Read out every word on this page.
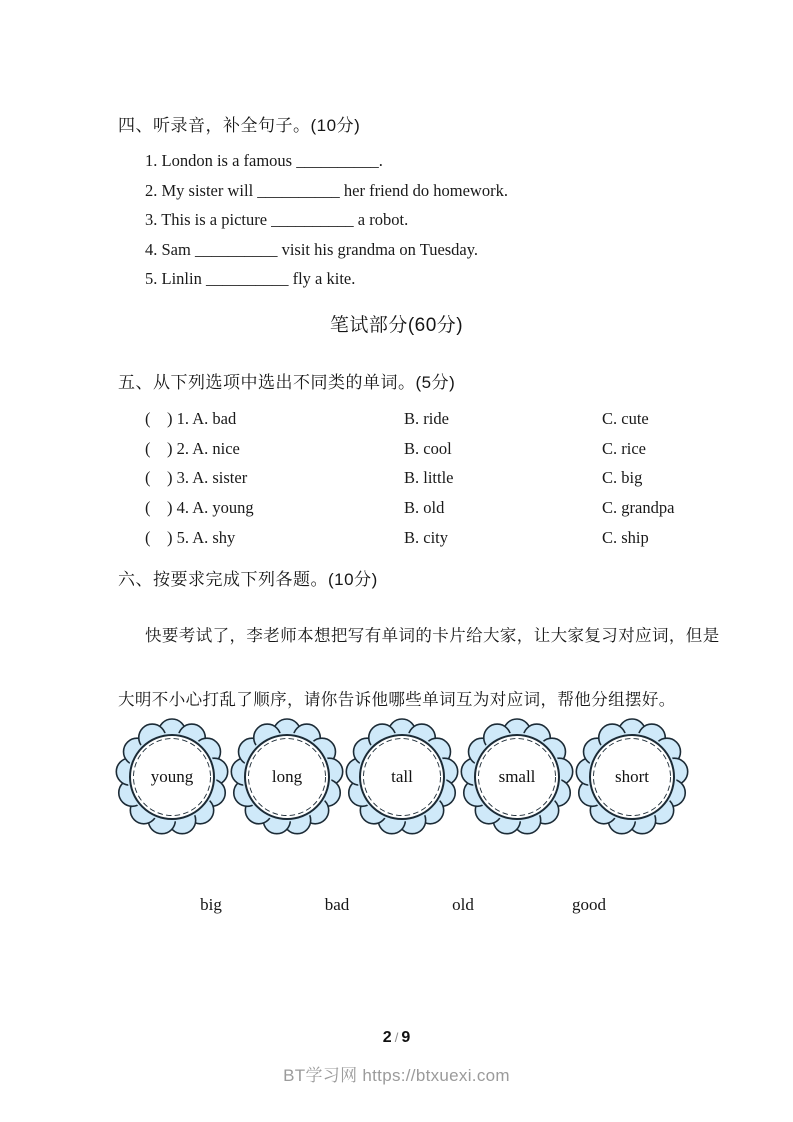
四、听录音，补全句子。(10分)
1. London is a famous __________.
2. My sister will __________ her friend do homework.
3. This is a picture __________ a robot.
4. Sam __________ visit his grandma on Tuesday.
5. Linlin __________ fly a kite.
笔试部分(60分)
五、从下列选项中选出不同类的单词。(5分)
(　) 1. A. bad	B. ride	C. cute
(　) 2. A. nice	B. cool	C. rice
(　) 3. A. sister	B. little	C. big
(　) 4. A. young	B. old	C. grandpa
(　) 5. A. shy	B. city	C. ship
六、按要求完成下列各题。(10分)
快要考试了，李老师本想把写有单词的卡片给大家，让大家复习对应词，但是
大明不小心打乱了顺序，请你告诉他哪些单词互为对应词，帮他分组摆好。
young	long	tall	small	short
big	bad	old	good
2 / 9
BT学习网 https://btxuexi.com
